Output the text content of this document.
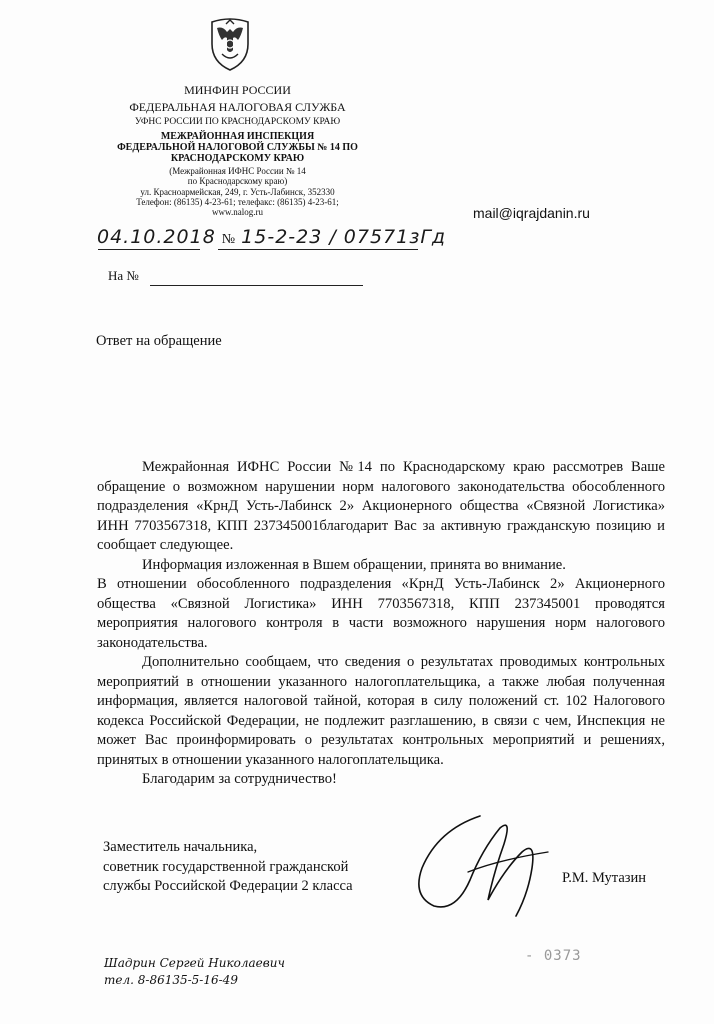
МИНФИН РОССИИ
ФЕДЕРАЛЬНАЯ НАЛОГОВАЯ СЛУЖБА
УФНС РОССИИ ПО КРАСНОДАРСКОМУ КРАЮ
МЕЖРАЙОННАЯ ИНСПЕКЦИЯ
ФЕДЕРАЛЬНОЙ НАЛОГОВОЙ СЛУЖБЫ № 14 ПО
КРАСНОДАРСКОМУ КРАЮ
(Межрайонная ИФНС России № 14
по Краснодарскому краю)
ул. Красноармейская, 249, г. Усть-Лабинск, 352330
Телефон: (86135) 4-23-61; телефакс: (86135) 4-23-61;
www.nalog.ru	mail@iqrajdanin.ru
04.10.2018 № 15-2-23 / 07571зГд
На №
Ответ на обращение

Межрайонная ИФНС России №14 по Краснодарскому краю рассмотрев Ваше обращение о возможном нарушении норм налогового законодательства обособленного подразделения «КрнД Усть-Лабинск 2» Акционерного общества «Связной Логистика» ИНН 7703567318, КПП 237345001благодарит Вас за активную гражданскую позицию и сообщает следующее.

Информация изложенная в Вшем обращении, принята во внимание.

В отношении обособленного подразделения «КрнД Усть-Лабинск 2» Акционерного общества «Связной Логистика» ИНН 7703567318, КПП 237345001 проводятся мероприятия налогового контроля в части возможного нарушения норм налогового законодательства.

Дополнительно сообщаем, что сведения о результатах проводимых контрольных мероприятий в отношении указанного налогоплательщика, а также любая полученная информация, является налоговой тайной, которая в силу положений ст. 102 Налогового кодекса Российской Федерации, не подлежит разглашению, в связи с чем, Инспекция не может Вас проинформировать о результатах контрольных мероприятий и решениях, принятых в отношении указанного налогоплательщика.

Благодарим за сотрудничество!

Заместитель начальника,
советник государственной гражданской
службы Российской Федерации 2 класса	Р.М. Мутазин
Шадрин Сергей Николаевич
тел. 8-86135-5-16-49
- 0373
